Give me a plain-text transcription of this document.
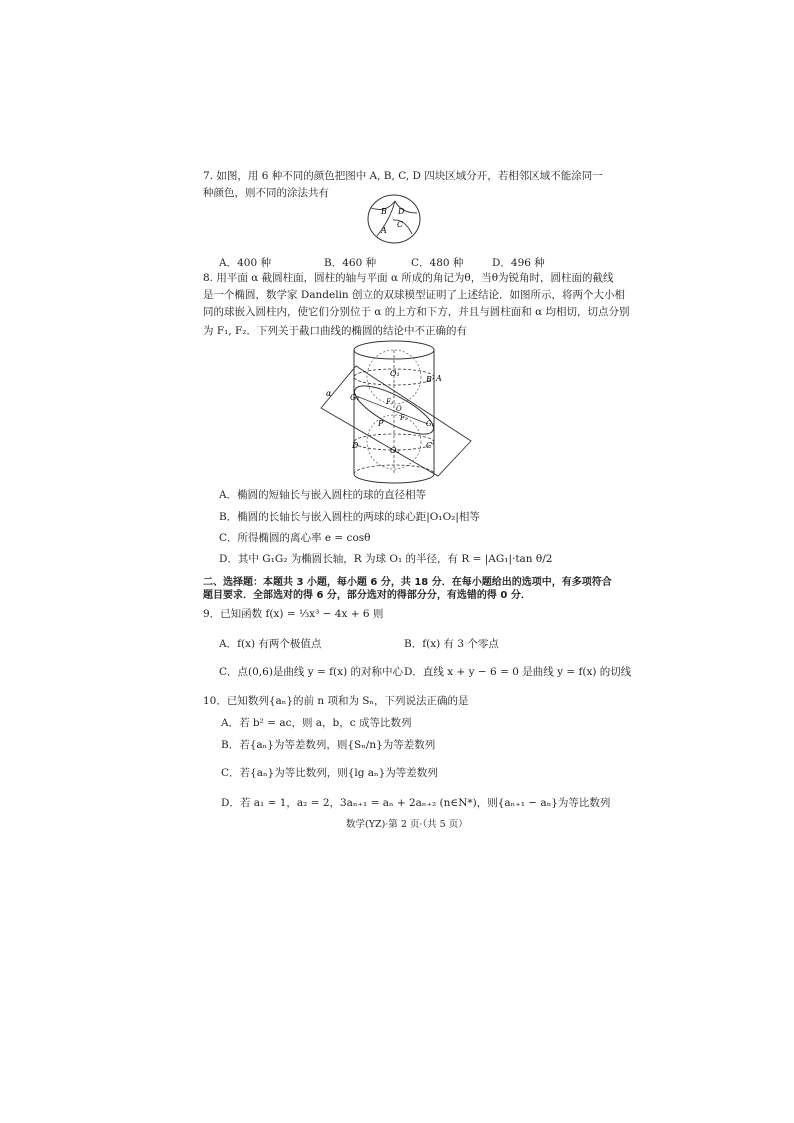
7. 如图，用 6 种不同的颜色把图中 A, B, C, D 四块区域分开，若相邻区域不能涂同一
种颜色，则不同的涂法共有
A
B
C
D
A．400 种	B．460 种	C．480 种	D．496 种
8. 用平面 α 截圆柱面，圆柱的轴与平面 α 所成的角记为θ，当θ为锐角时，圆柱面的截线
是一个椭圆，数学家 Dandelin 创立的双球模型证明了上述结论．如图所示，将两个大小相
同的球嵌入圆柱内，使它们分别位于 α 的上方和下方，并且与圆柱面和 α 均相切，切点分别
为 F₁, F₂．下列关于截口曲线的椭圆的结论中不正确的有
A
B
O₁
α G₁	F₁
O
F₂
P	G₂
D
O₂
C
A．椭圆的短轴长与嵌入圆柱的球的直径相等
B．椭圆的长轴长与嵌入圆柱的两球的球心距|O₁O₂|相等
C．所得椭圆的离心率 e = cosθ
D．其中 G₁G₂ 为椭圆长轴，R 为球 O₁ 的半径，有 R = |AG₁|·tan θ/2
二、选择题：本题共 3 小题，每小题 6 分，共 18 分．在每小题给出的选项中，有多项符合
题目要求．全部选对的得 6 分，部分选对的得部分分，有选错的得 0 分．
9．已知函数 f(x) = ⅓x³ − 4x + 6 则
A．f(x) 有两个极值点	B．f(x) 有 3 个零点
C．点(0,6)是曲线 y = f(x) 的对称中心 D．直线 x + y − 6 = 0 是曲线 y = f(x) 的切线
10．已知数列{aₙ}的前 n 项和为 Sₙ，下列说法正确的是
A．若 b² = ac，则 a，b，c 成等比数列
B．若{aₙ}为等差数列，则{Sₙ/n}为等差数列
C．若{aₙ}为等比数列，则{lg aₙ}为等差数列
D．若 a₁ = 1，a₂ = 2，3aₙ₊₁ = aₙ + 2aₙ₊₂ (n∈N*)，则{aₙ₊₁ − aₙ}为等比数列
数学(YZ)·第 2 页·（共 5 页）
